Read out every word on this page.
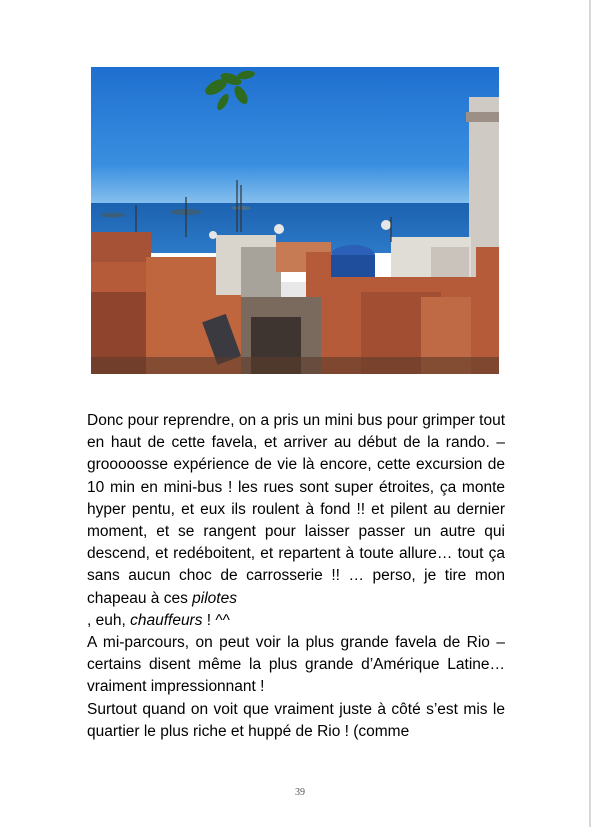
Donc pour reprendre, on a pris un mini bus pour grimper tout en haut de cette favela, et arriver au début de la rando. – grooooosse expérience de vie là encore, cette excursion de 10 min en mini-bus ! les rues sont super étroites, ça monte hyper pentu, et eux ils roulent à fond !! et pilent au dernier moment, et se rangent pour laisser passer un autre qui descend, et redéboitent, et repartent à toute allure… tout ça sans aucun choc de carrosserie !! … perso, je tire mon chapeau à ces pilotes

, euh, chauffeurs ! ^^

A mi-parcours, on peut voir la plus grande favela de Rio – certains disent même la plus grande d’Amérique Latine… vraiment impressionnant !

Surtout quand on voit que vraiment juste à côté s’est mis le quartier le plus riche et huppé de Rio ! (comme

39
